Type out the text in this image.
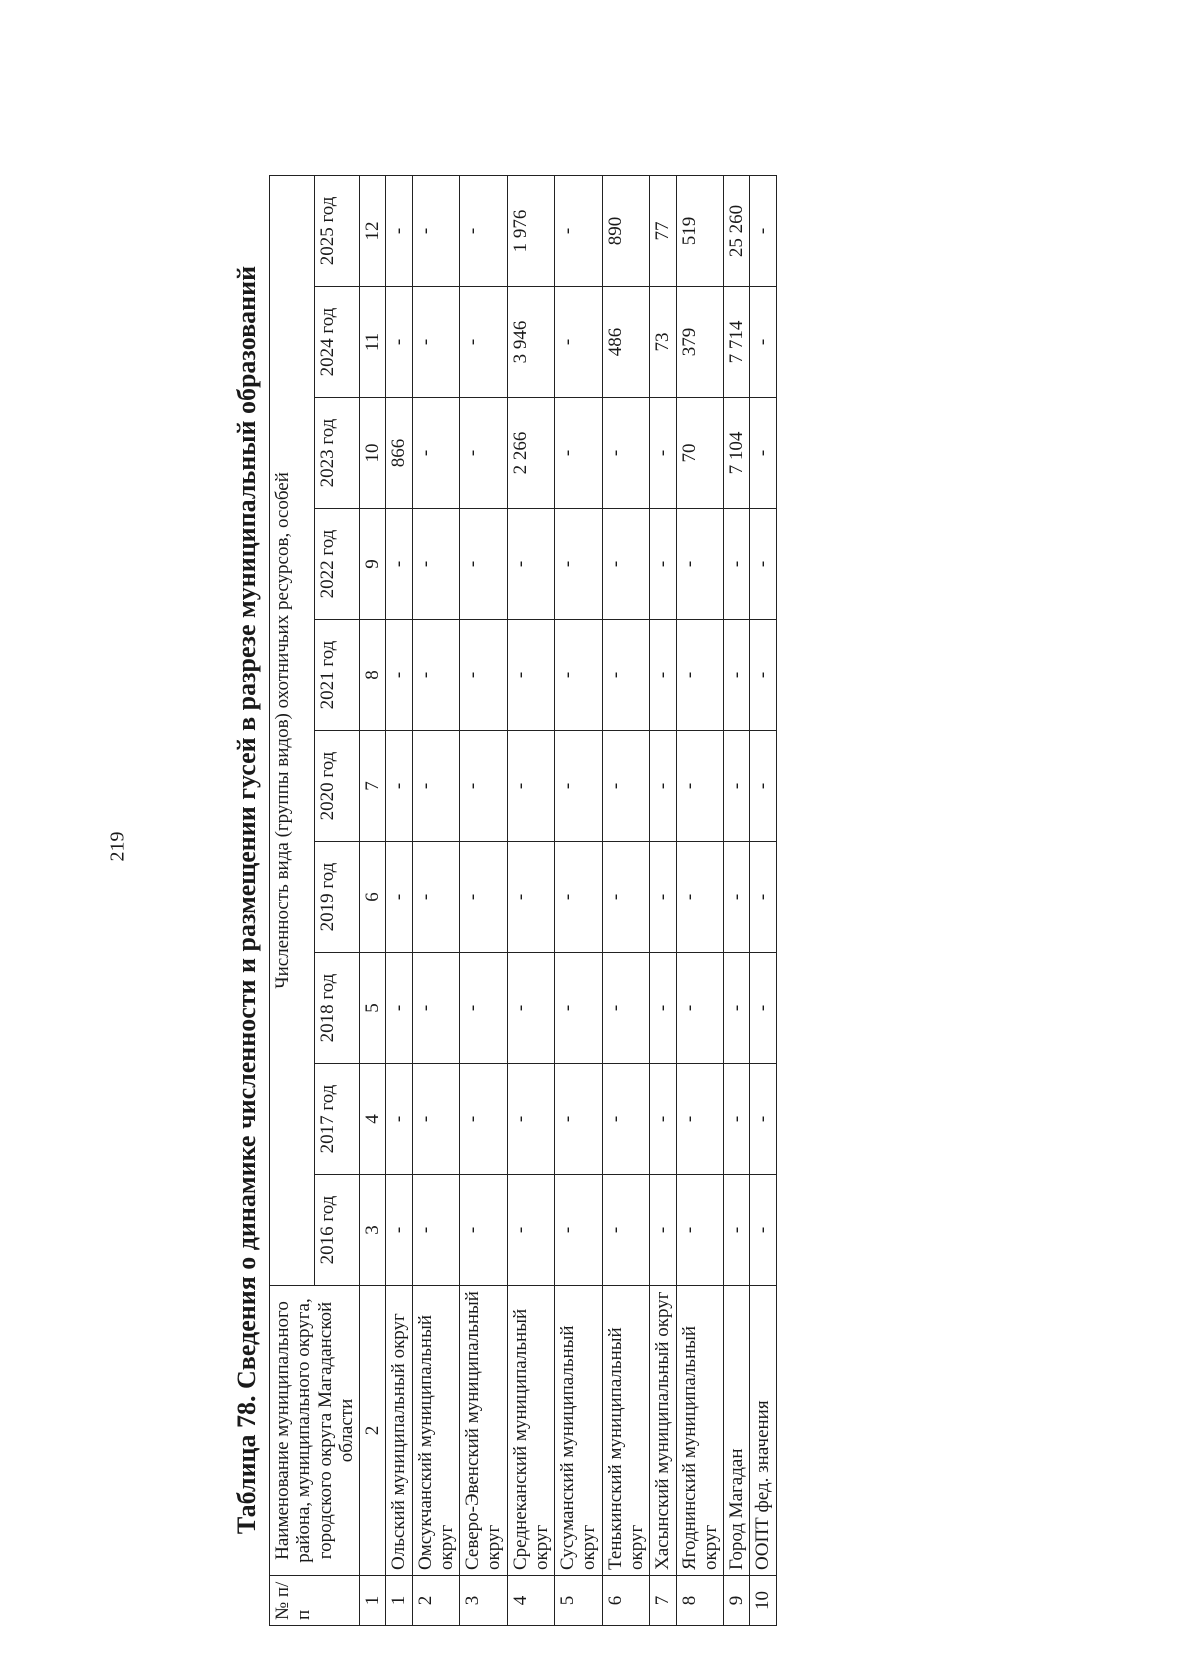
219	Таблица 78. Сведения о динамике численности и размещении гусей в разрезе муниципальный образований
№ п/п	Наименование муниципального района, муниципального округа, городского округа Магаданской области	Численность вида (группы видов) охотничьих ресурсов, особей									
		2016 год	2017 год	2018 год	2019 год	2020 год	2021 год	2022 год	2023 год	2024 год	2025 год
1	2	3	4	5	6	7	8	9	10	11	12
1	Ольский муниципальный округ	-	-	-	-	-	-	-	866	-	-
2	Омсукчанский муниципальный округ	-	-	-	-	-	-	-	-	-	-
3	Северо-Эвенский муниципальный округ	-	-	-	-	-	-	-	-	-	-
4	Среднеканский муниципальный округ	-	-	-	-	-	-	-	2 266	3 946	1 976
5	Сусуманский муниципальный округ	-	-	-	-	-	-	-	-	-	-
6	Тенькинский муниципальный округ	-	-	-	-	-	-	-	-	486	890
7	Хасынский муниципальный округ	-	-	-	-	-	-	-	-	73	77
8	Ягоднинский муниципальный округ	-	-	-	-	-	-	-	70	379	519
9	Город Магадан	-	-	-	-	-	-	-	7 104	7 714	25 260
10	ООПТ фед. значения	-	-	-	-	-	-	-	-	-	-
